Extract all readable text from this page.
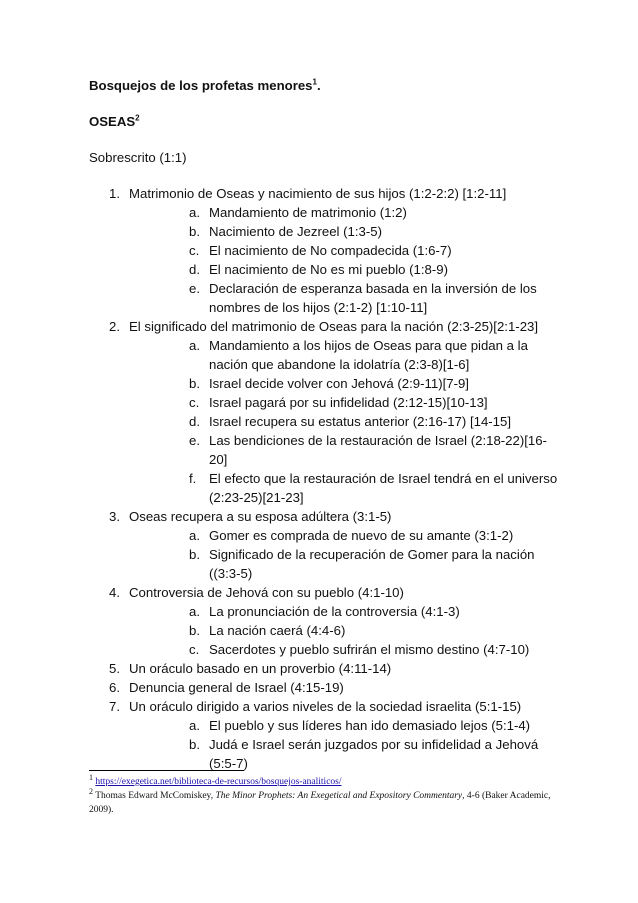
Bosquejos de los profetas menores$^1$.

OSEAS$^2$

Sobrescrito (1:1)

1. Matrimonio de Oseas y nacimiento de sus hijos (1:2-2:2) [1:2-11]
a. Mandamiento de matrimonio (1:2)
b. Nacimiento de Jezreel (1:3-5)
c. El nacimiento de No compadecida (1:6-7)
d. El nacimiento de No es mi pueblo (1:8-9)
e. Declaración de esperanza basada en la inversión de los nombres de los hijos (2:1-2) [1:10-11]
2. El significado del matrimonio de Oseas para la nación (2:3-25)[2:1-23]
a. Mandamiento a los hijos de Oseas para que pidan a la nación que abandone la idolatría (2:3-8)[1-6]
b. Israel decide volver con Jehová (2:9-11)[7-9]
c. Israel pagará por su infidelidad (2:12-15)[10-13]
d. Israel recupera su estatus anterior (2:16-17) [14-15]
e. Las bendiciones de la restauración de Israel (2:18-22)[16-20]
f. El efecto que la restauración de Israel tendrá en el universo (2:23-25)[21-23]
3. Oseas recupera a su esposa adúltera (3:1-5)
a. Gomer es comprada de nuevo de su amante (3:1-2)
b. Significado de la recuperación de Gomer para la nación ((3:3-5)
4. Controversia de Jehová con su pueblo (4:1-10)
a. La pronunciación de la controversia (4:1-3)
b. La nación caerá (4:4-6)
c. Sacerdotes y pueblo sufrirán el mismo destino (4:7-10)
5. Un oráculo basado en un proverbio (4:11-14)
6. Denuncia general de Israel (4:15-19)
7. Un oráculo dirigido a varios niveles de la sociedad israelita (5:1-15)
a. El pueblo y sus líderes han ido demasiado lejos (5:1-4)
b. Judá e Israel serán juzgados por su infidelidad a Jehová (5:5-7)
$^1$ https://exegetica.net/biblioteca-de-recursos/bosquejos-analiticos/
$^2$ Thomas Edward McComiskey, The Minor Prophets: An Exegetical and Expository Commentary, 4-6 (Baker Academic, 2009).
